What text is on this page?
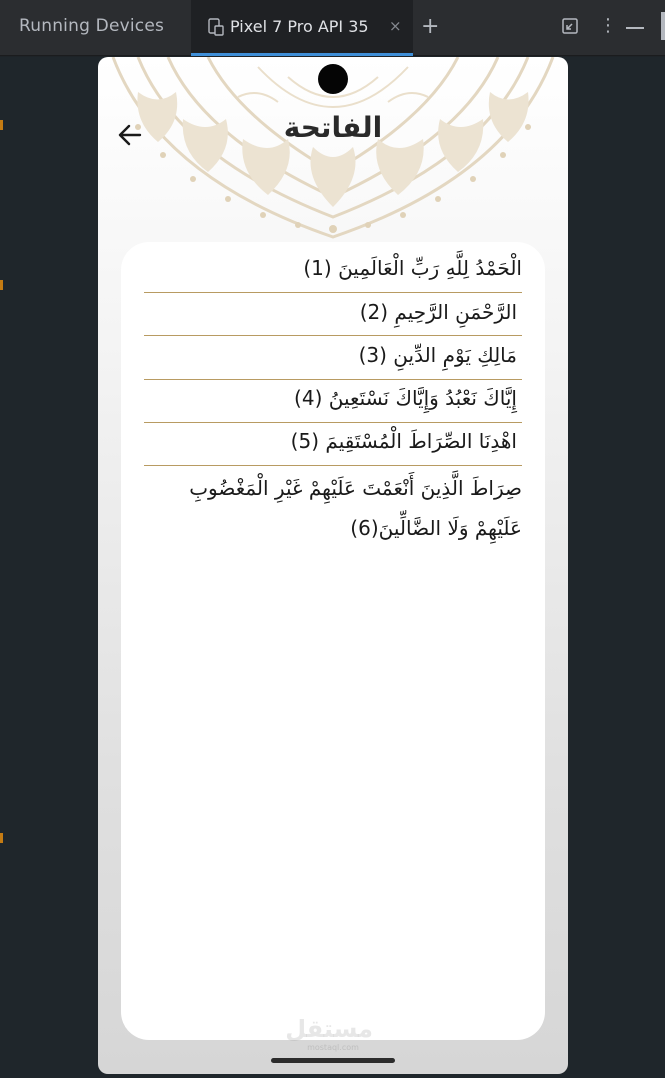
Running Devices	Pixel 7 Pro API 35 × +	⋮
الفاتحة
الْحَمْدُ لِلَّهِ رَبِّ الْعَالَمِينَ (1)
الرَّحْمَنِ الرَّحِيمِ (2)
مَالِكِ يَوْمِ الدِّينِ (3)
إِيَّاكَ نَعْبُدُ وَإِيَّاكَ نَسْتَعِينُ (4)
اهْدِنَا الصِّرَاطَ الْمُسْتَقِيمَ (5)
صِرَاطَ الَّذِينَ أَنْعَمْتَ عَلَيْهِمْ غَيْرِ الْمَغْضُوبِ عَلَيْهِمْ وَلَا الضَّالِّينَ(6)
مستقل
mostaql.com
